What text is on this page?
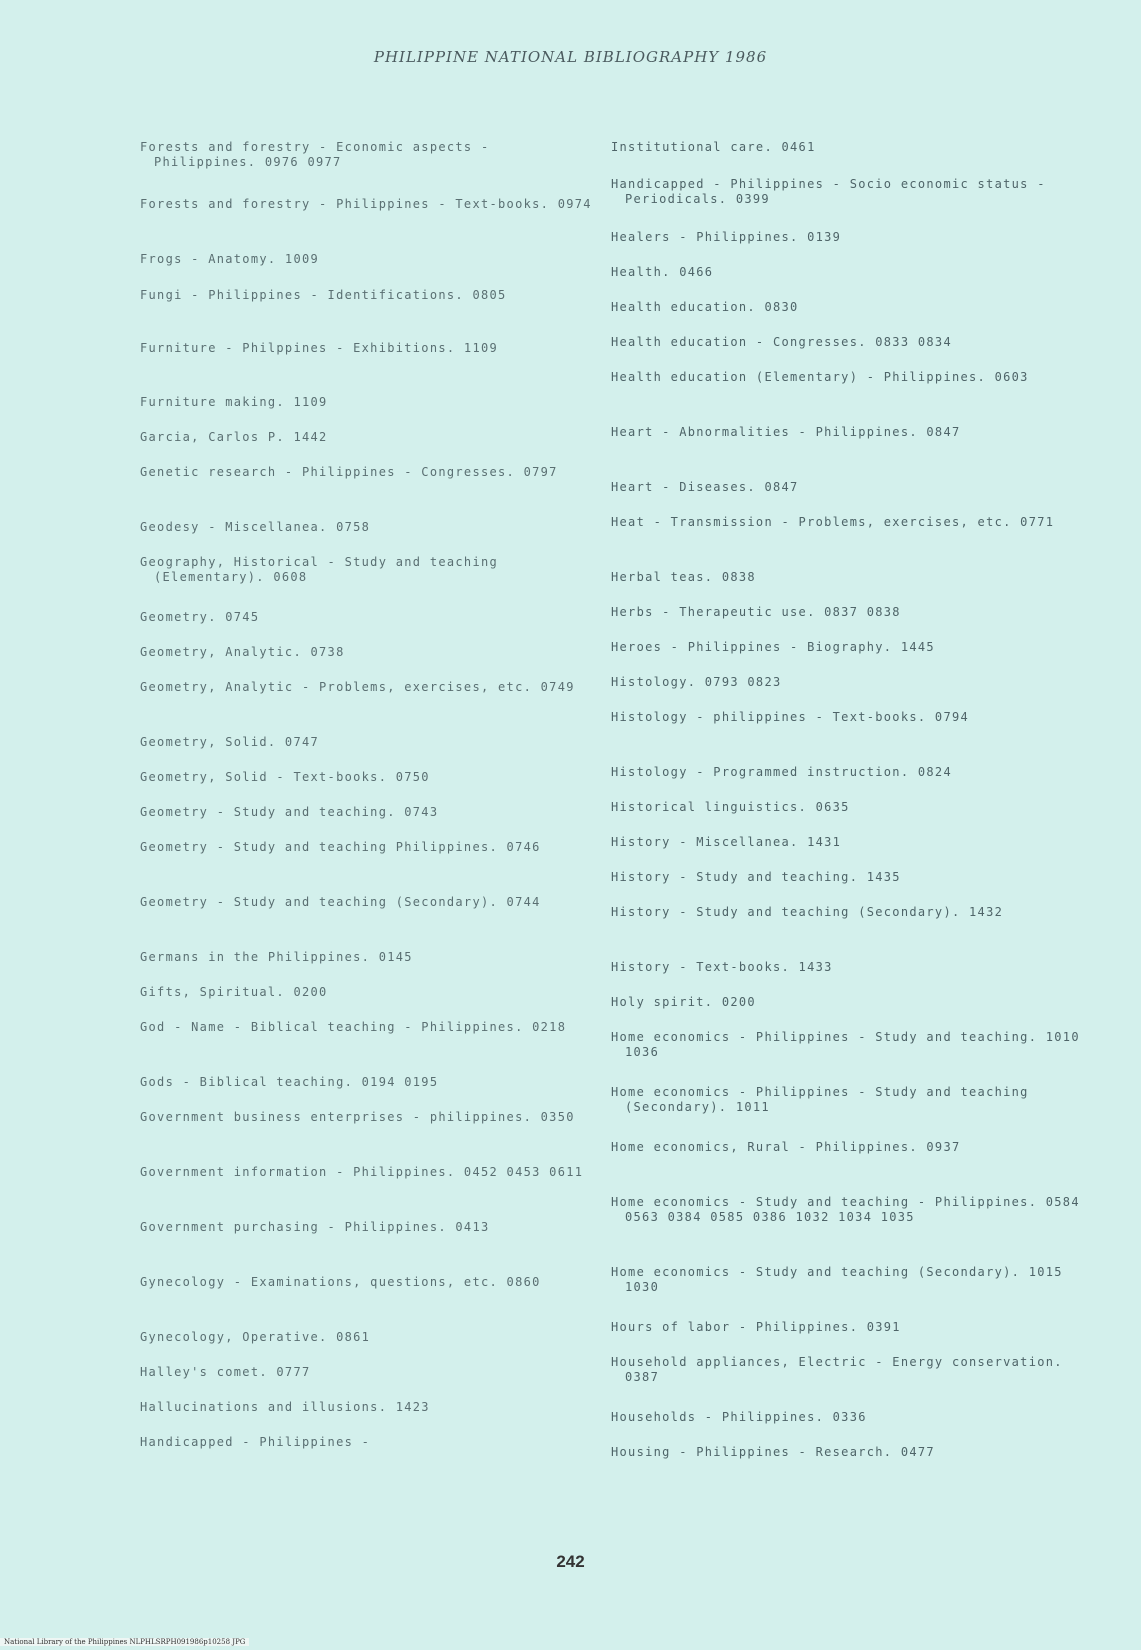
PHILIPPINE NATIONAL BIBLIOGRAPHY 1986
Forests and forestry - Economic aspects - Philippines. 0976 0977
Forests and forestry - Philippines - Text-books. 0974
Frogs - Anatomy. 1009
Fungi - Philippines - Identifications. 0805
Furniture - Philppines - Exhibitions. 1109
Furniture making. 1109
Garcia, Carlos P. 1442
Genetic research - Philippines - Congresses. 0797
Geodesy - Miscellanea. 0758
Geography, Historical - Study and teaching (Elementary). 0608
Geometry. 0745
Geometry, Analytic. 0738
Geometry, Analytic - Problems, exercises, etc. 0749
Geometry, Solid. 0747
Geometry, Solid - Text-books. 0750
Geometry - Study and teaching. 0743
Geometry - Study and teaching Philippines. 0746
Geometry - Study and teaching (Secondary). 0744
Germans in the Philippines. 0145
Gifts, Spiritual. 0200
God - Name - Biblical teaching - Philippines. 0218
Gods - Biblical teaching. 0194 0195
Government business enterprises - philippines. 0350
Government information - Philippines. 0452 0453 0611
Government purchasing - Philippines. 0413
Gynecology - Examinations, questions, etc. 0860
Gynecology, Operative. 0861
Halley's comet. 0777
Hallucinations and illusions. 1423
Handicapped - Philippines -
Institutional care. 0461
Handicapped - Philippines - Socio economic status - Periodicals. 0399
Healers - Philippines. 0139
Health. 0466
Health education. 0830
Health education - Congresses. 0833 0834
Health education (Elementary) - Philippines. 0603
Heart - Abnormalities - Philippines. 0847
Heart - Diseases. 0847
Heat - Transmission - Problems, exercises, etc. 0771
Herbal teas. 0838
Herbs - Therapeutic use. 0837 0838
Heroes - Philippines - Biography. 1445
Histology. 0793 0823
Histology - philippines - Text-books. 0794
Histology - Programmed instruction. 0824
Historical linguistics. 0635
History - Miscellanea. 1431
History - Study and teaching. 1435
History - Study and teaching (Secondary). 1432
History - Text-books. 1433
Holy spirit. 0200
Home economics - Philippines - Study and teaching. 1010 1036
Home economics - Philippines - Study and teaching (Secondary). 1011
Home economics, Rural - Philippines. 0937
Home economics - Study and teaching - Philippines. 0584 0563 0384 0585 0386 1032 1034 1035
Home economics - Study and teaching (Secondary). 1015 1030
Hours of labor - Philippines. 0391
Household appliances, Electric - Energy conservation. 0387
Households - Philippines. 0336
Housing - Philippines - Research. 0477
242
National Library of the Philippines NLPHLSRPH091986p10258 JPG
